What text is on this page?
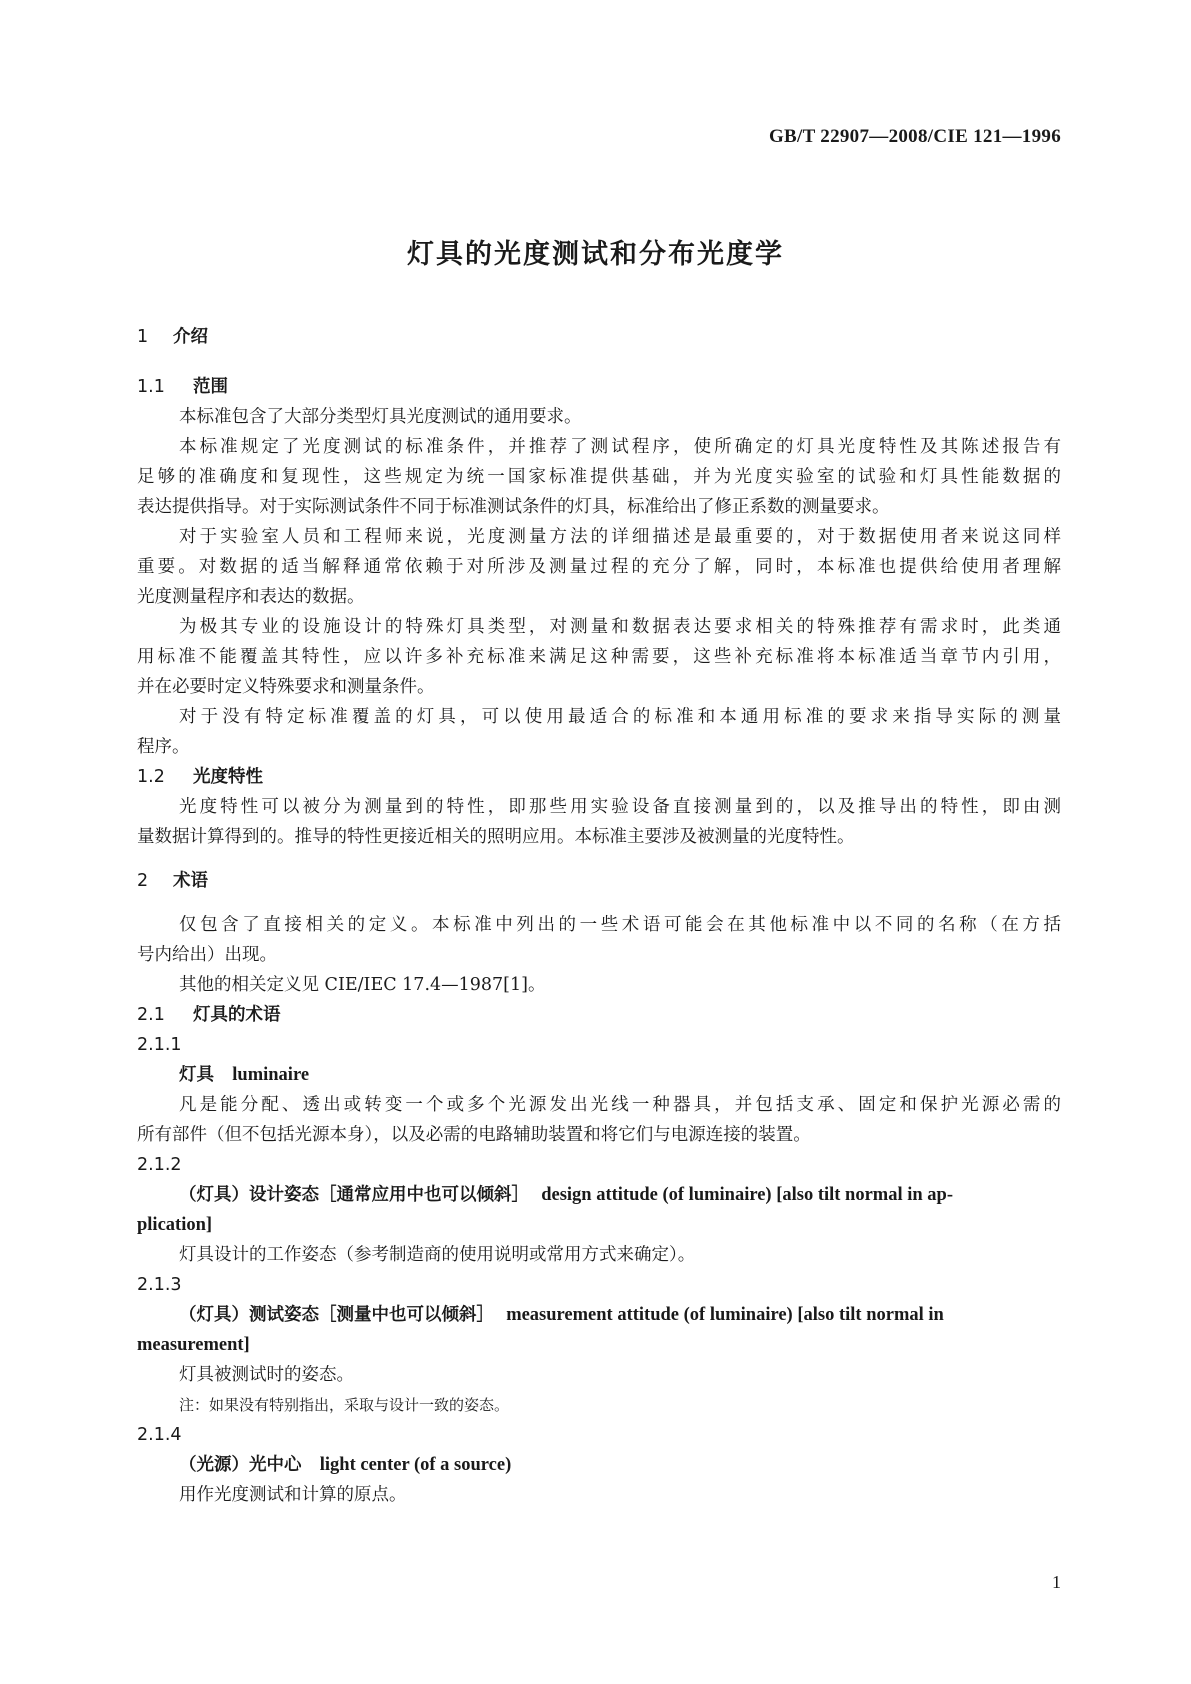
GB/T 22907—2008/CIE 121—1996
灯具的光度测试和分布光度学
1 介绍
1.1 范围
本标准包含了大部分类型灯具光度测试的通用要求。
本标准规定了光度测试的标准条件，并推荐了测试程序，使所确定的灯具光度特性及其陈述报告有
足够的准确度和复现性，这些规定为统一国家标准提供基础，并为光度实验室的试验和灯具性能数据的
表达提供指导。对于实际测试条件不同于标准测试条件的灯具，标准给出了修正系数的测量要求。
对于实验室人员和工程师来说，光度测量方法的详细描述是最重要的，对于数据使用者来说这同样
重要。对数据的适当解释通常依赖于对所涉及测量过程的充分了解，同时，本标准也提供给使用者理解
光度测量程序和表达的数据。
为极其专业的设施设计的特殊灯具类型，对测量和数据表达要求相关的特殊推荐有需求时，此类通
用标准不能覆盖其特性，应以许多补充标准来满足这种需要，这些补充标准将本标准适当章节内引用，
并在必要时定义特殊要求和测量条件。
对于没有特定标准覆盖的灯具，可以使用最适合的标准和本通用标准的要求来指导实际的测量
程序。
1.2 光度特性
光度特性可以被分为测量到的特性，即那些用实验设备直接测量到的，以及推导出的特性，即由测
量数据计算得到的。推导的特性更接近相关的照明应用。本标准主要涉及被测量的光度特性。
2 术语
仅包含了直接相关的定义。本标准中列出的一些术语可能会在其他标准中以不同的名称（在方括
号内给出）出现。
其他的相关定义见 CIE/IEC 17.4—1987[1]。
2.1 灯具的术语
2.1.1
灯具 luminaire
凡是能分配、透出或转变一个或多个光源发出光线一种器具，并包括支承、固定和保护光源必需的
所有部件（但不包括光源本身），以及必需的电路辅助装置和将它们与电源连接的装置。
2.1.2
（灯具）设计姿态［通常应用中也可以倾斜］ design attitude (of luminaire) [also tilt normal in ap-
plication]
灯具设计的工作姿态（参考制造商的使用说明或常用方式来确定）。
2.1.3
（灯具）测试姿态［测量中也可以倾斜］ measurement attitude (of luminaire) [also tilt normal in
measurement]
灯具被测试时的姿态。
注：如果没有特别指出，采取与设计一致的姿态。
2.1.4
（光源）光中心 light center (of a source)
用作光度测试和计算的原点。
1
